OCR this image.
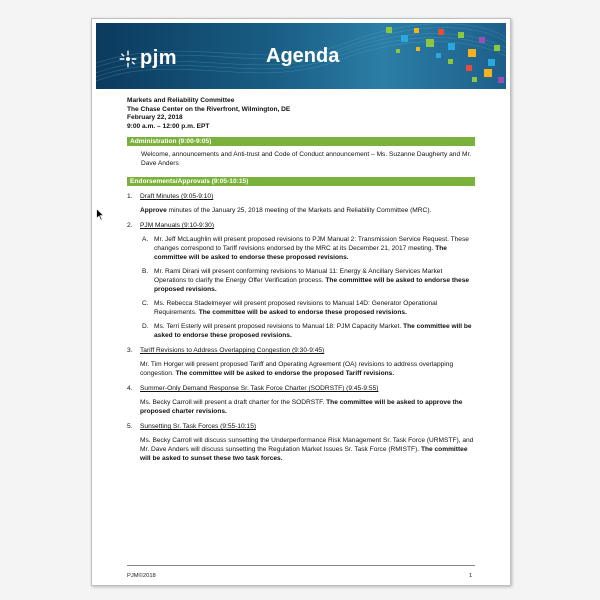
pjm	Agenda
Markets and Reliability Committee
The Chase Center on the Riverfront, Wilmington, DE
February 22, 2018
9:00 a.m. – 12:00 p.m. EPT
Administration (9:00-9:05)
Welcome, announcements and Anti-trust and Code of Conduct announcement – Ms. Suzanne Daugherty and Mr. Dave Anders
Endorsements/Approvals (9:05-10:15)
1.	Draft Minutes (9:05-9:10)
Approve minutes of the January 25, 2018 meeting of the Markets and Reliability Committee (MRC).
2.	PJM Manuals (9:10-9:30)
A. Mr. Jeff McLaughlin will present proposed revisions to PJM Manual 2: Transmission Service Request. These changes correspond to Tariff revisions endorsed by the MRC at its December 21, 2017 meeting. The committee will be asked to endorse these proposed revisions.
B. Mr. Rami Dirani will present conforming revisions to Manual 11: Energy & Ancillary Services Market Operations to clarify the Energy Offer Verification process. The committee will be asked to endorse these proposed revisions.
C. Ms. Rebecca Stadelmeyer will present proposed revisions to Manual 14D: Generator Operational Requirements. The committee will be asked to endorse these proposed revisions.
D. Ms. Terri Esterly will present proposed revisions to Manual 18: PJM Capacity Market. The committee will be asked to endorse these proposed revisions.
3.	Tariff Revisions to Address Overlapping Congestion (9:30-9:45)
Mr. Tim Horger will present proposed Tariff and Operating Agreement (OA) revisions to address overlapping congestion. The committee will be asked to endorse the proposed Tariff revisions.
4.	Summer-Only Demand Response Sr. Task Force Charter (SODRSTF) (9:45-9:55)
Ms. Becky Carroll will present a draft charter for the SODRSTF. The committee will be asked to approve the proposed charter revisions.
5.	Sunsetting Sr. Task Forces (9:55-10:15)
Ms. Becky Carroll will discuss sunsetting the Underperformance Risk Management Sr. Task Force (URMSTF), and Mr. Dave Anders will discuss sunsetting the Regulation Market Issues Sr. Task Force (RMISTF). The committee will be asked to sunset these two task forces.
PJM©2018	1
